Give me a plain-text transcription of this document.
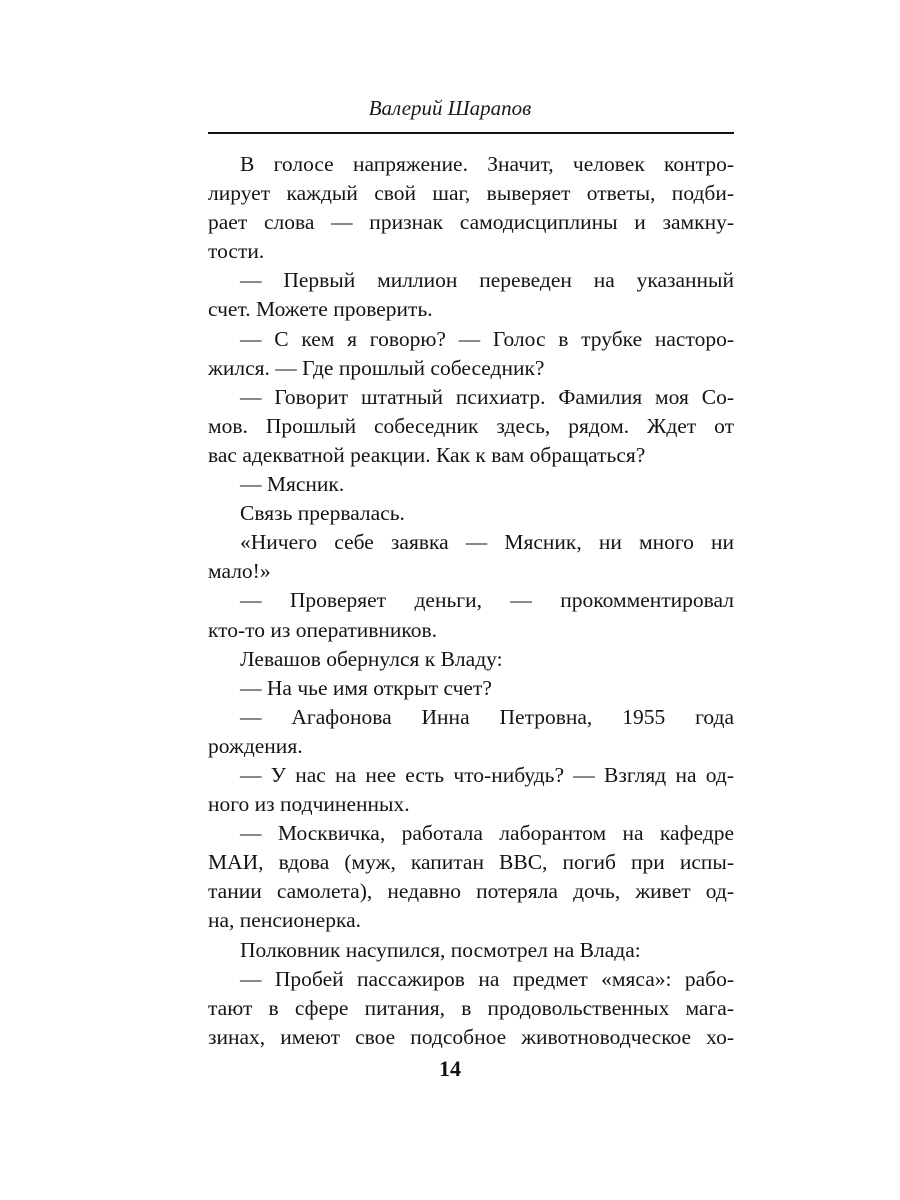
Валерий Шарапов
В голосе напряжение. Значит, человек контро-
лирует каждый свой шаг, выверяет ответы, подби-
рает слова — признак самодисциплины и замкну-
тости.
— Первый миллион переведен на указанный
счет. Можете проверить.
— С кем я говорю? — Голос в трубке насторо-
жился. — Где прошлый собеседник?
— Говорит штатный психиатр. Фамилия моя Со-
мов. Прошлый собеседник здесь, рядом. Ждет от
вас адекватной реакции. Как к вам обращаться?
— Мясник.
Связь прервалась.
«Ничего себе заявка — Мясник, ни много ни
мало!»
— Проверяет деньги, — прокомментировал
кто-то из оперативников.
Левашов обернулся к Владу:
— На чье имя открыт счет?
— Агафонова Инна Петровна, 1955 года
рождения.
— У нас на нее есть что-нибудь? — Взгляд на од-
ного из подчиненных.
— Москвичка, работала лаборантом на кафедре
МАИ, вдова (муж, капитан ВВС, погиб при испы-
тании самолета), недавно потеряла дочь, живет од-
на, пенсионерка.
Полковник насупился, посмотрел на Влада:
— Пробей пассажиров на предмет «мяса»: рабо-
тают в сфере питания, в продовольственных мага-
зинах, имеют свое подсобное животноводческое хо-
14
